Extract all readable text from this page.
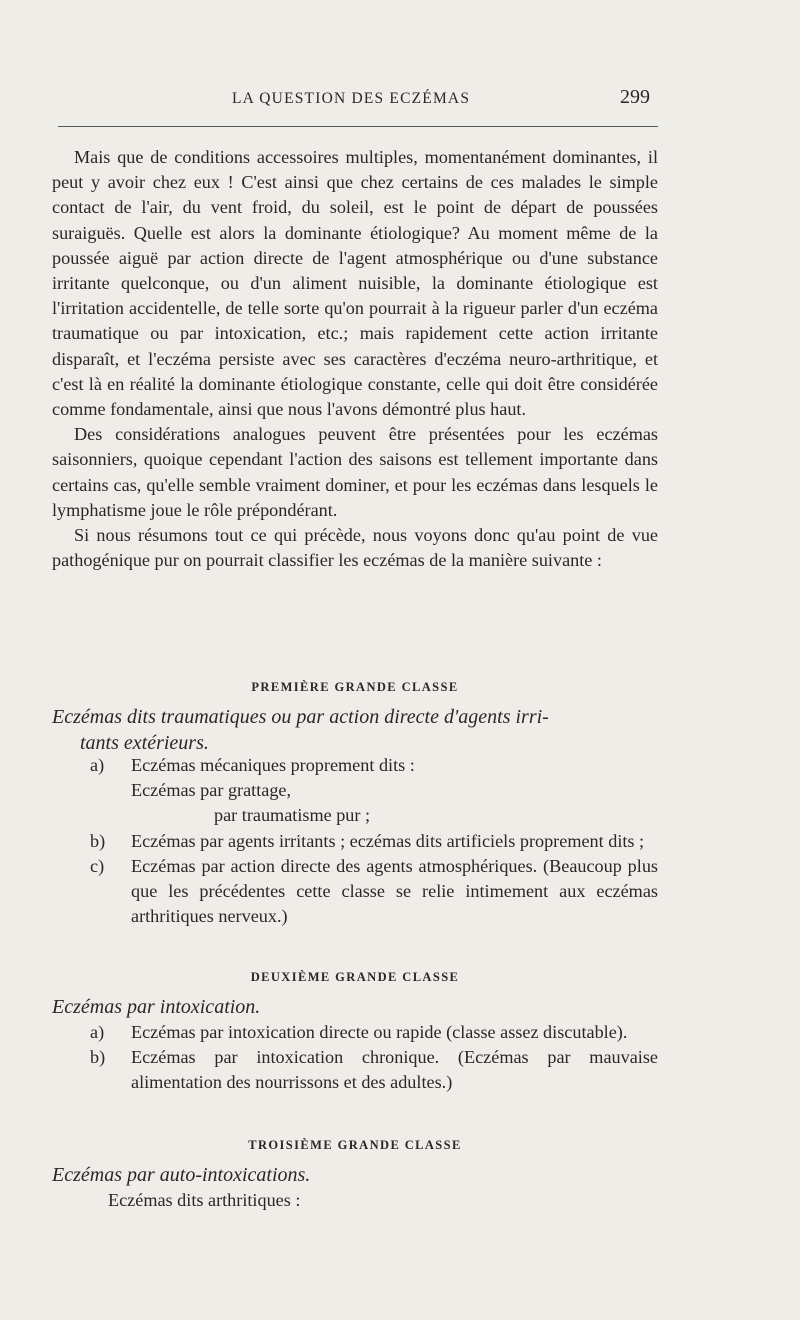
LA QUESTION DES ECZÉMAS	299

Mais que de conditions accessoires multiples, momentanément dominantes, il peut y avoir chez eux ! C'est ainsi que chez certains de ces malades le simple contact de l'air, du vent froid, du soleil, est le point de départ de poussées suraiguës. Quelle est alors la dominante étiologique? Au moment même de la poussée aiguë par action directe de l'agent atmosphérique ou d'une substance irritante quelconque, ou d'un aliment nuisible, la dominante étiologique est l'irritation accidentelle, de telle sorte qu'on pourrait à la rigueur parler d'un eczéma traumatique ou par intoxication, etc.; mais rapidement cette action irritante disparaît, et l'eczéma persiste avec ses caractères d'eczéma neuro-arthritique, et c'est là en réalité la dominante étiologique constante, celle qui doit être considérée comme fondamentale, ainsi que nous l'avons démontré plus haut.

Des considérations analogues peuvent être présentées pour les eczémas saisonniers, quoique cependant l'action des saisons est tellement importante dans certains cas, qu'elle semble vraiment dominer, et pour les eczémas dans lesquels le lymphatisme joue le rôle prépondérant.

Si nous résumons tout ce qui précède, nous voyons donc qu'au point de vue pathogénique pur on pourrait classifier les eczémas de la manière suivante :

PREMIÈRE GRANDE CLASSE
Eczémas dits traumatiques ou par action directe d'agents irri-
tants extérieurs.
a) Eczémas mécaniques proprement dits :
Eczémas par grattage,
par traumatisme pur ;
b) Eczémas par agents irritants ; eczémas dits artificiels proprement dits ;
c) Eczémas par action directe des agents atmosphériques. (Beaucoup plus que les précédentes cette classe se relie intimement aux eczémas arthritiques nerveux.)
DEUXIÈME GRANDE CLASSE
Eczémas par intoxication.
a) Eczémas par intoxication directe ou rapide (classe assez discutable).
b) Eczémas par intoxication chronique. (Eczémas par mauvaise alimentation des nourrissons et des adultes.)
TROISIÈME GRANDE CLASSE
Eczémas par auto-intoxications.
Eczémas dits arthritiques :
